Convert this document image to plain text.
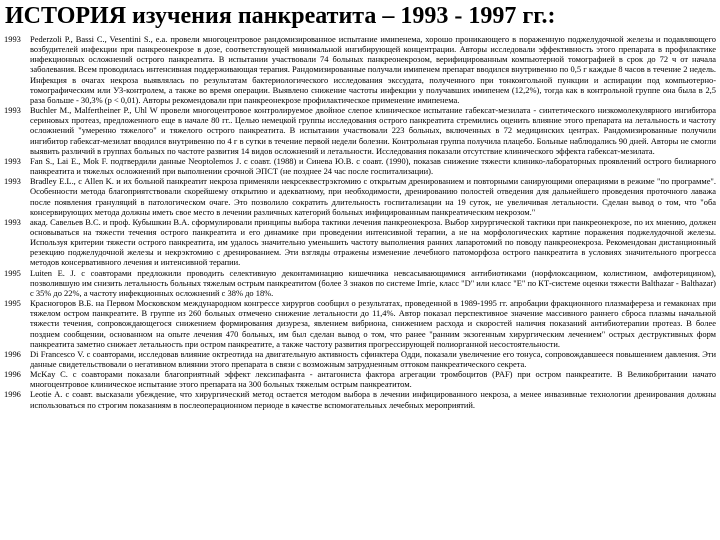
ИСТОРИЯ изучения панкреатита – 1993 - 1997 гг.:

1993 Pederzoli P., Bassi C., Vesentini S., e.a. провели многоцентровое рандомизированное испытание имипенема, хорошо проникающего в пораженную поджелудочной железы и подавляющего возбудителей инфекции при панкреонекрозе в дозе, соответствующей минимальной ингибирующей концентрации. Авторы исследовали эффективность этого препарата в профилактике инфекционных осложнений острого панкреатита. В испытании участвовали 74 больных панкреонекрозом, верифицированным компьютерной томографией в срок до 72 ч от начала заболевания. Всем проводилась интенсивная поддерживающая терапия. Рандомизированные получали имипенем препарат вводился внутривенно по 0,5 г каждые 8 часов в течение 2 недель. Инфекция в очагах некроза выявлялась по результатам бактериологического исследования экссудата, полученного при тонкоигольной пункции и аспирации под компьютерно-томографическим или УЗ-контролем, а также во время операции. Выявлено снижение частоты инфекции у получавших имипенем (12,2%), тогда как в контрольной группе она была в 2,5 раза больше - 30,3% (p < 0,01). Авторы рекомендовали при панкреонекрозе профилактическое применение имипенема.

1993 Buchler M., Malfertheiner P., Uhl W провели многоцентровое контролируемое двойное слепое клиническое испытание габексат-мезилата - синтетического низкомолекулярного ингибитора сериновых протеаз, предложенного еще в начале 80 гг.. Целью немецкой группы исследования острого панкреатита стремились оценить влияние этого препарата на летальность и частоту осложнений "умеренно тяжелого" и тяжелого острого панкреатита. В испытании участвовали 223 больных, включенных в 72 медицинских центрах. Рандомизированные получили ингибитор габексат-мезилат вводился внутривенно по 4 г в сутки в течение первой недели болезни. Контрольная группа получила плацебо. Больные наблюдались 90 дней. Авторы не смогли выявить различий в группах больных по частоте развития 14 видов осложнений и летальности. Исследования показали отсутствие клинического эффекта габексат-мезилата.

1993 Fan S., Lai E., Mok F. подтвердили данные Neoptolemos J. с соавт. (1988) и Синева Ю.В. с соавт. (1990), показав снижение тяжести клинико-лабораторных проявлений острого билиарного панкреатита и тяжелых осложнений при выполнении срочной ЭПСТ (не позднее 24 час после госпитализации).

1993 Bradley E.L., с Allen K. и их больной панкреатит некроза применяли некрсеквестрэктомию с открытым дренированием и повторными санирующими операциями в режиме "по программе". Особенности метода благоприятствовали скорейшему открытию и адекватному, при необходимости, дренированию полостей отведения для дальнейшего проведения проточного лаважа после появления грануляций в патологическом очаге. Это позволило сократить длительность госпитализации на 19 суток, не увеличивая летальности. Сделан вывод о том, что "оба консервирующих метода должны иметь свое место в лечении различных категорий больных инфицированным панкреатическим некрозом."

1993 акад. Савельев В.С. и проф. Кубышкин В.А. сформулировали принципы выбора тактики лечения панкреонекроза. Выбор хирургической тактики при панкреонекрозе, по их мнению, должен основываться на тяжести течения острого панкреатита и его динамике при проведении интенсивной терапии, а не на морфологических картине поражения поджелудочной железы. Используя критерии тяжести острого панкреатита, им удалось значительно уменьшить частоту выполнения ранних лапаротомий по поводу панкреонекроза. Рекомендован дистанционный резекцию поджелудочной железы и некрэктомию с дренированием. Эти взгляды отражены изменение лечебного патоморфоза острого панкреатита в условиях значительного прогресса методов консервативного лечения и интенсивной терапии.

1995 Luiten E. J. с соавторами предложили проводить селективную деконтаминацию кишечника невсасывающимися антибиотиками (норфлоксацином, колистином, амфотерицином), позволившую им снизить летальность больных тяжелым острым панкреатитом (более 3 знаков по системе Imrie, класс "D" или класс "E" по КТ-системе оценки тяжести Balthazar - Balthazar) с 35% до 22%, а частоту инфекционных осложнений с 38% до 18%.

1995 Красногоров В.Б. на Первом Московском международном конгрессе хирургов сообщил о результатах, проведенной в 1989-1995 гг. апробации фракционного плазмафереза и гемаконах при тяжелом остром панкреатите. В группе из 260 больных отмечено снижение летальности до 11,4%. Автор показал перспективное значение массивного раннего сброса плазмы начальной тяжести течения, сопровождающегося снижением формирования дизуреза, явлением вибриона, снижением расхода и скоростей наличия показаний антибиотерапии протеаз. В более позднем сообщении, основанном на опыте лечения 470 больных, им был сделан вывод о том, что ранее "ранним экзогенным хирургическим лечением" острых деструктивных форм панкреатита заметно снижает летальность при остром панкреатите, а также частоту развития прогрессирующей полиорганной несостоятельности.

1996 Di Francesco V. с соавторами, исследовав влияние октреотида на двигательную активность сфинктера Одди, показали увеличение его тонуса, сопровождавшееся повышением давления. Эти данные свидетельствовали о негативном влиянии этого препарата в связи с возможным затрудненным оттоком панкреатического секрета.

1996 McKay C. с соавторами показали благоприятный эффект лексипафанта - антагониста фактора агрегации тромбоцитов (PAF) при остром панкреатите. В Великобритании начато многоцентровое клиническое испытание этого препарата на 300 больных тяжелым острым панкреатитом.

1996 Leotie A. с соавт. высказали убеждение, что хирургический метод остается методом выбора в лечении инфицированного некроза, а менее инвазивные технологии дренирования должны использоваться по строгим показаниям в послеоперационном периоде в качестве вспомогательных лечебных мероприятий.
